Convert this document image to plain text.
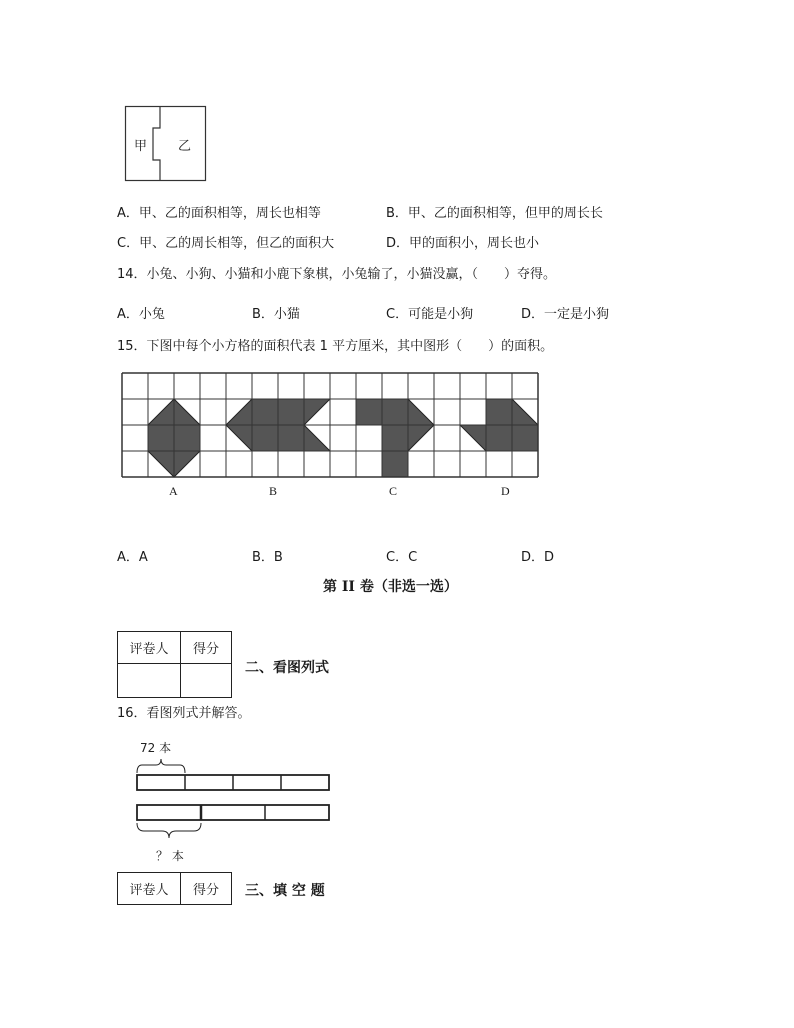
甲 乙
A．甲、乙的面积相等，周长也相等	B．甲、乙的面积相等，但甲的周长长
C．甲、乙的周长相等，但乙的面积大	D．甲的面积小，周长也小
14．小兔、小狗、小猫和小鹿下象棋，小兔输了，小猫没赢，（　　）夺得。
A．小兔	B．小猫	C．可能是小狗	D．一定是小狗
15．下图中每个小方格的面积代表 1 平方厘米，其中图形（　　）的面积。
A	B	C	D
A．A	B．B	C．C	D．D
第 II 卷（非选一选）
评卷人	得分

二、看图列式
16．看图列式并解答。
72 本
？ 本
评卷人	得分 三、填 空 题
